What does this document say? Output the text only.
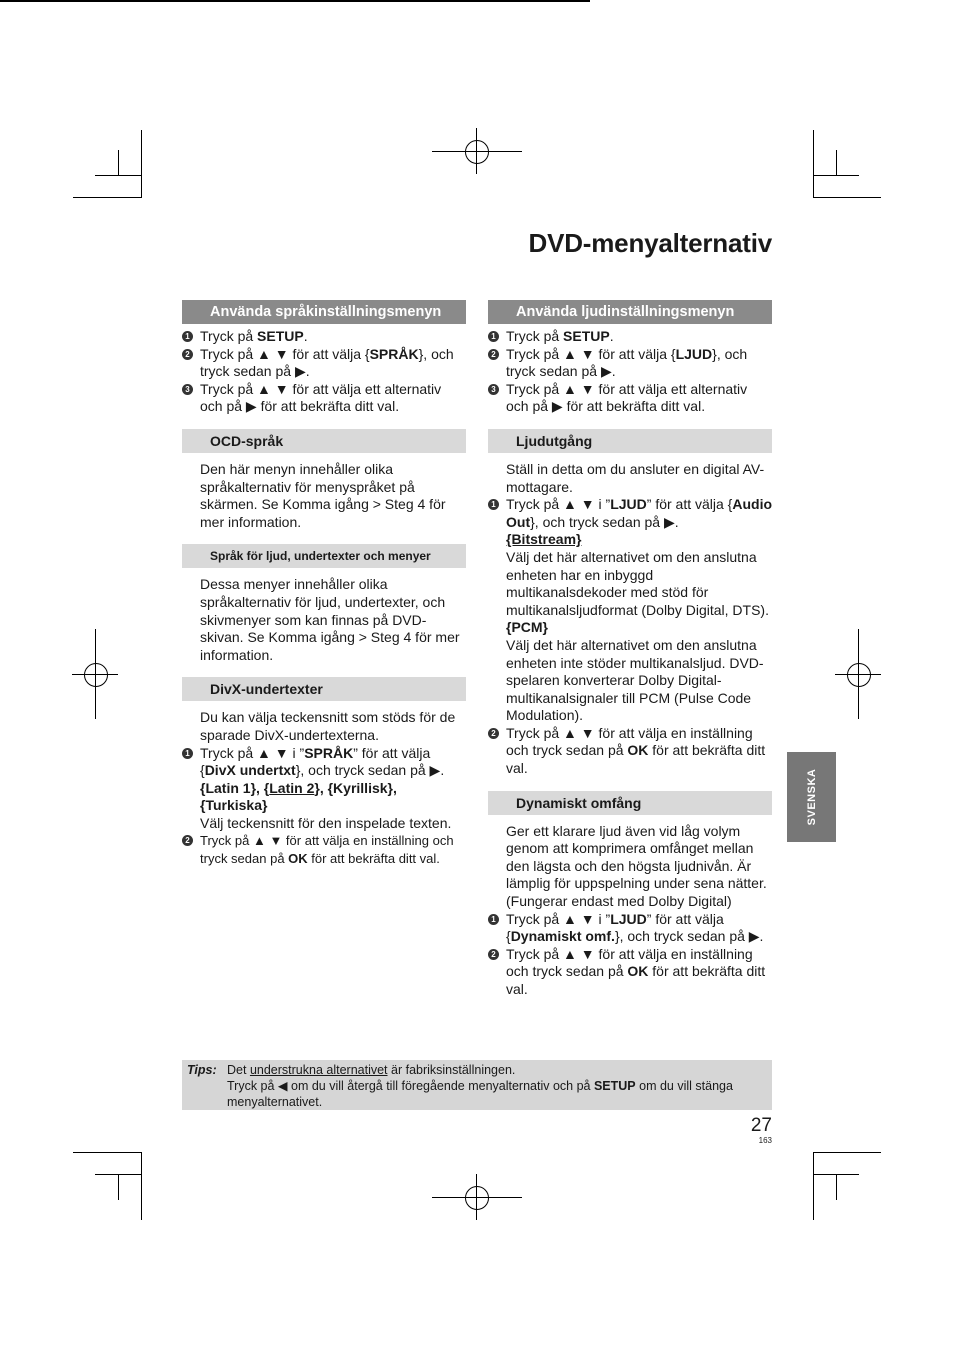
DVD-menyalternativ
Använda språkinställningsmenyn
1 Tryck på SETUP.
2 Tryck på ▲ ▼ för att välja {SPRÅK}, och tryck sedan på ▶.
3 Tryck på ▲ ▼ för att välja ett alternativ och på ▶ för att bekräfta ditt val.
OCD-språk
Den här menyn innehåller olika språkalternativ för menyspråket på skärmen. Se Komma igång > Steg 4 för mer information.
Språk för ljud, undertexter och menyer
Dessa menyer innehåller olika språkalternativ för ljud, undertexter, och skivmenyer som kan finnas på DVD-skivan. Se Komma igång > Steg 4 för mer information.
DivX-undertexter
Du kan välja teckensnitt som stöds för de sparade DivX-undertexterna.
1 Tryck på ▲ ▼ i ”SPRÅK” för att välja {DivX undertxt}, och tryck sedan på ▶.
{Latin 1}, {Latin 2}, {Kyrillisk},
{Turkiska}
Välj teckensnitt för den inspelade texten.
2 Tryck på ▲ ▼ för att välja en inställning och tryck sedan på OK för att bekräfta ditt val.
Använda ljudinställningsmenyn
1 Tryck på SETUP.
2 Tryck på ▲ ▼ för att välja {LJUD}, och tryck sedan på ▶.
3 Tryck på ▲ ▼ för att välja ett alternativ och på ▶ för att bekräfta ditt val.
Ljudutgång
Ställ in detta om du ansluter en digital AV-mottagare.
1 Tryck på ▲ ▼ i ”LJUD” för att välja {Audio Out}, och tryck sedan på ▶.
{Bitstream}
Välj det här alternativet om den anslutna enheten har en inbyggd multikanalsdekoder med stöd för multikanalsljudformat (Dolby Digital, DTS).
{PCM}
Välj det här alternativet om den anslutna enheten inte stöder multikanalsljud. DVD-spelaren konverterar Dolby Digital-multikanalsignaler till PCM (Pulse Code Modulation).
2 Tryck på ▲ ▼ för att välja en inställning och tryck sedan på OK för att bekräfta ditt val.
Dynamiskt omfång
Ger ett klarare ljud även vid låg volym genom att komprimera omfånget mellan den lägsta och den högsta ljudnivån. Är lämplig för uppspelning under sena nätter. (Fungerar endast med Dolby Digital)
1 Tryck på ▲ ▼ i ”LJUD” för att välja {Dynamiskt omf.}, och tryck sedan på ▶.
2 Tryck på ▲ ▼ för att välja en inställning och tryck sedan på OK för att bekräfta ditt val.
SVENSKA
Tips: Det understrukna alternativet är fabriksinställningen.
Tryck på ◀ om du vill återgå till föregående menyalternativ och på SETUP om du vill stänga menyalternativet.
27
163
